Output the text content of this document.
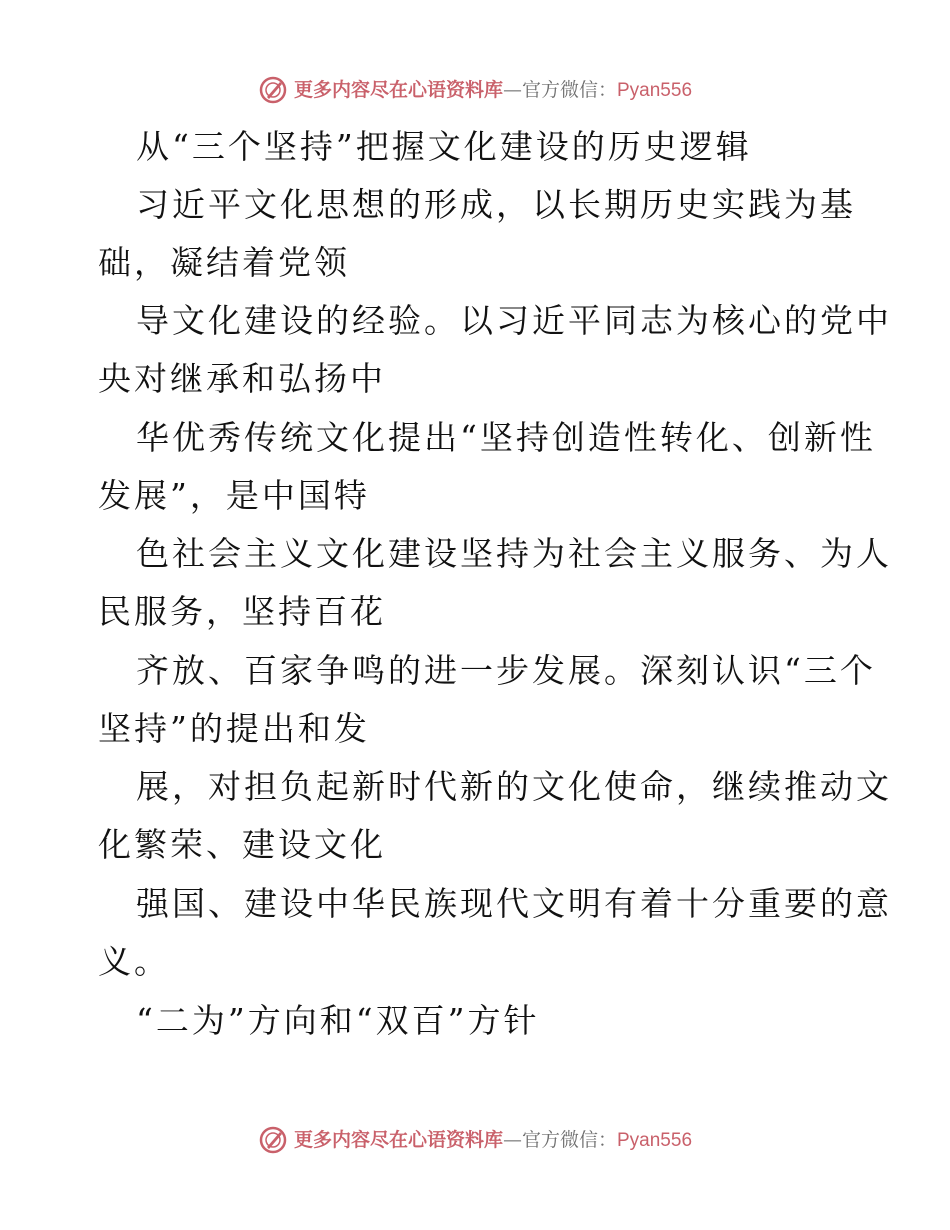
更多内容尽在心语资料库 — 官方微信： Pyan556

从“三个坚持”把握文化建设的历史逻辑

习近平文化思想的形成，以长期历史实践为基

础，凝结着党领

导文化建设的经验。以习近平同志为核心的党中

央对继承和弘扬中

华优秀传统文化提出“坚持创造性转化、创新性

发展”，是中国特

色社会主义文化建设坚持为社会主义服务、为人

民服务，坚持百花

齐放、百家争鸣的进一步发展。深刻认识“三个

坚持”的提出和发

展，对担负起新时代新的文化使命，继续推动文

化繁荣、建设文化

强国、建设中华民族现代文明有着十分重要的意

义。

“二为”方向和“双百”方针

更多内容尽在心语资料库 — 官方微信： Pyan556
